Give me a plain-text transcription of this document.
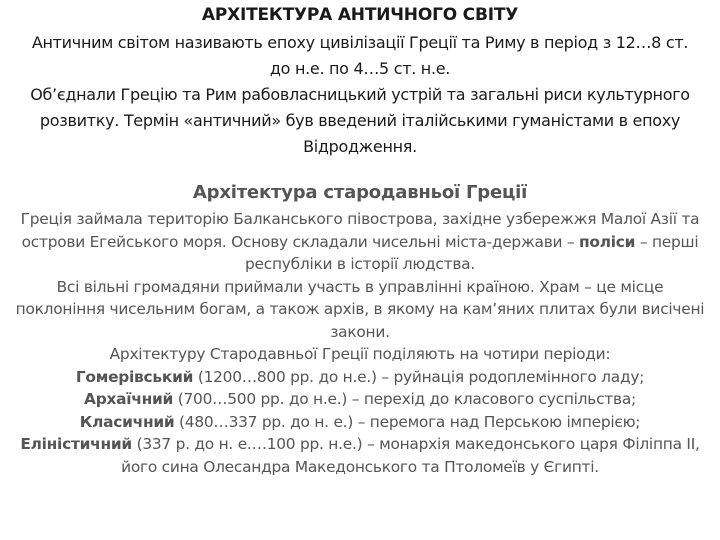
АРХІТЕКТУРА АНТИЧНОГО СВІТУ

Античним світом називають епоху цивілізації Греції та Риму в період з 12…8 ст. до н.е. по 4…5 ст. н.е.

Об’єднали Грецію та Рим рабовласницький устрій та загальні риси культурного розвитку. Термін «античний» був введений італійськими гуманістами в епоху Відродження.

Архітектура стародавньої Греції

Греція займала територію Балканського півострова, західне узбережжя Малої Азії та острови Егейського моря. Основу складали чисельні міста-держави – поліси – перші республіки в історії людства.

Всі вільні громадяни приймали участь в управлінні країною. Храм – це місце поклоніння чисельним богам, а також архів, в якому на кам’яних плитах були висічені закони.

Архітектуру Стародавньої Греції поділяють на чотири періоди:

Гомерівський (1200…800 рр. до н.е.) – руйнація родоплемінного ладу;
Архаїчний (700…500 рр. до н.е.) – перехід до класового суспільства;
Класичний (480…337 рр. до н. е.) – перемога над Перською імперією;
Еліністичний (337 р. до н. е.…100 рр. н.е.) – монархія македонського царя Філіппа ІІ, його сина Олесандра Македонського та Птоломеїв у Єгипті.
